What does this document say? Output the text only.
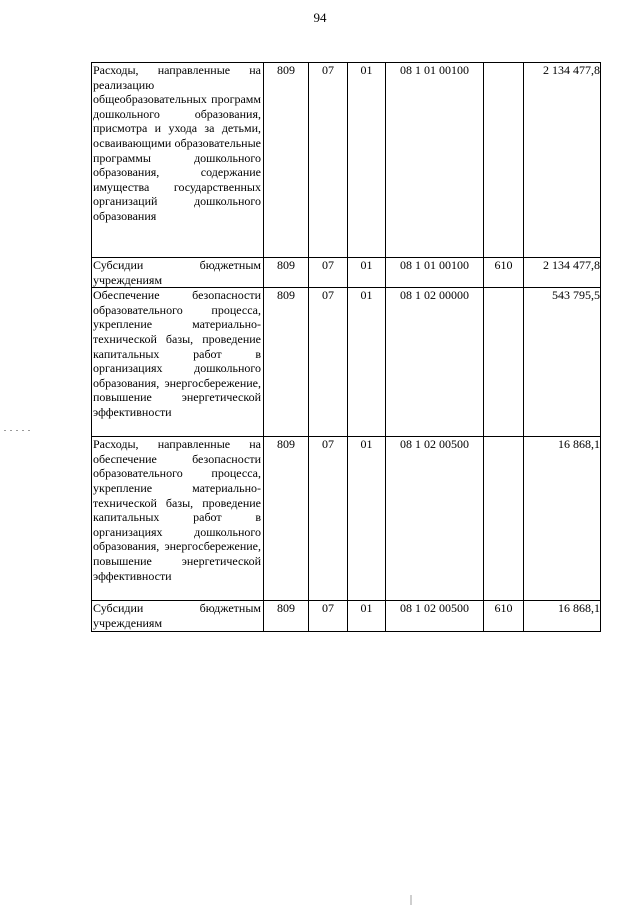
94
Расходы, направленные на реализацию общеобразовательных программ дошкольного образования, присмотра и ухода за детьми, осваивающими образовательные программы дошкольного образования, содержание имущества государственных организаций дошкольного образования	809	07	01	08 1 01 00100		2 134 477,8
Субсидии бюджетным учреждениям	809	07	01	08 1 01 00100	610	2 134 477,8
Обеспечение безопасности образовательного процесса, укрепление материально-технической базы, проведение капитальных работ в организациях дошкольного образования, энергосбережение, повышение энергетической эффективности	809	07	01	08 1 02 00000		543 795,5
Расходы, направленные на обеспечение безопасности образовательного процесса, укрепление материально-технической базы, проведение капитальных работ в организациях дошкольного образования, энергосбережение, повышение энергетической эффективности	809	07	01	08 1 02 00500		16 868,1
Субсидии бюджетным учреждениям	809	07	01	08 1 02 00500	610	16 868,1
